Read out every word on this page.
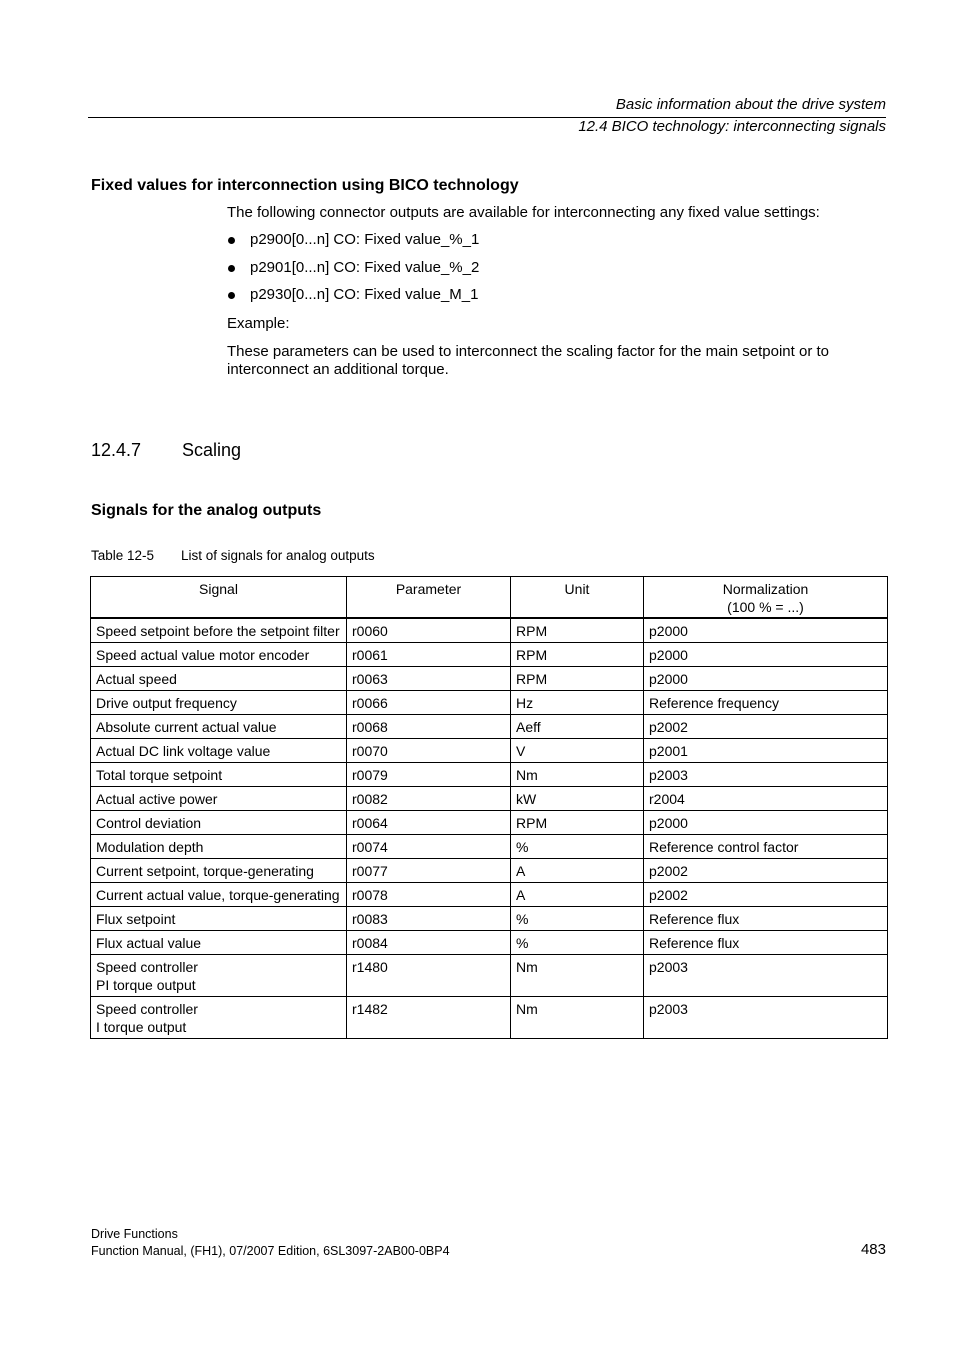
Basic information about the drive system
12.4 BICO technology: interconnecting signals
Fixed values for interconnection using BICO technology
The following connector outputs are available for interconnecting any fixed value settings:
p2900[0...n] CO: Fixed value_%_1
p2901[0...n] CO: Fixed value_%_2
p2930[0...n] CO: Fixed value_M_1
Example:
These parameters can be used to interconnect the scaling factor for the main setpoint or to interconnect an additional torque.
12.4.7 Scaling
Signals for the analog outputs
Table 12-5 List of signals for analog outputs
Signal	Parameter	Unit	Normalization
(100 % = ...)

Speed setpoint before the setpoint filter	r0060	RPM	p2000
Speed actual value motor encoder	r0061	RPM	p2000
Actual speed	r0063	RPM	p2000
Drive output frequency	r0066	Hz	Reference frequency
Absolute current actual value	r0068	Aeff	p2002
Actual DC link voltage value	r0070	V	p2001
Total torque setpoint	r0079	Nm	p2003
Actual active power	r0082	kW	r2004
Control deviation	r0064	RPM	p2000
Modulation depth	r0074	%	Reference control factor
Current setpoint, torque-generating	r0077	A	p2002
Current actual value, torque-generating	r0078	A	p2002
Flux setpoint	r0083	%	Reference flux
Flux actual value	r0084	%	Reference flux
Speed controller
PI torque output	r1480	Nm	p2003
Speed controller
I torque output	r1482	Nm	p2003
Drive Functions
Function Manual, (FH1), 07/2007 Edition, 6SL3097-2AB00-0BP4	483
